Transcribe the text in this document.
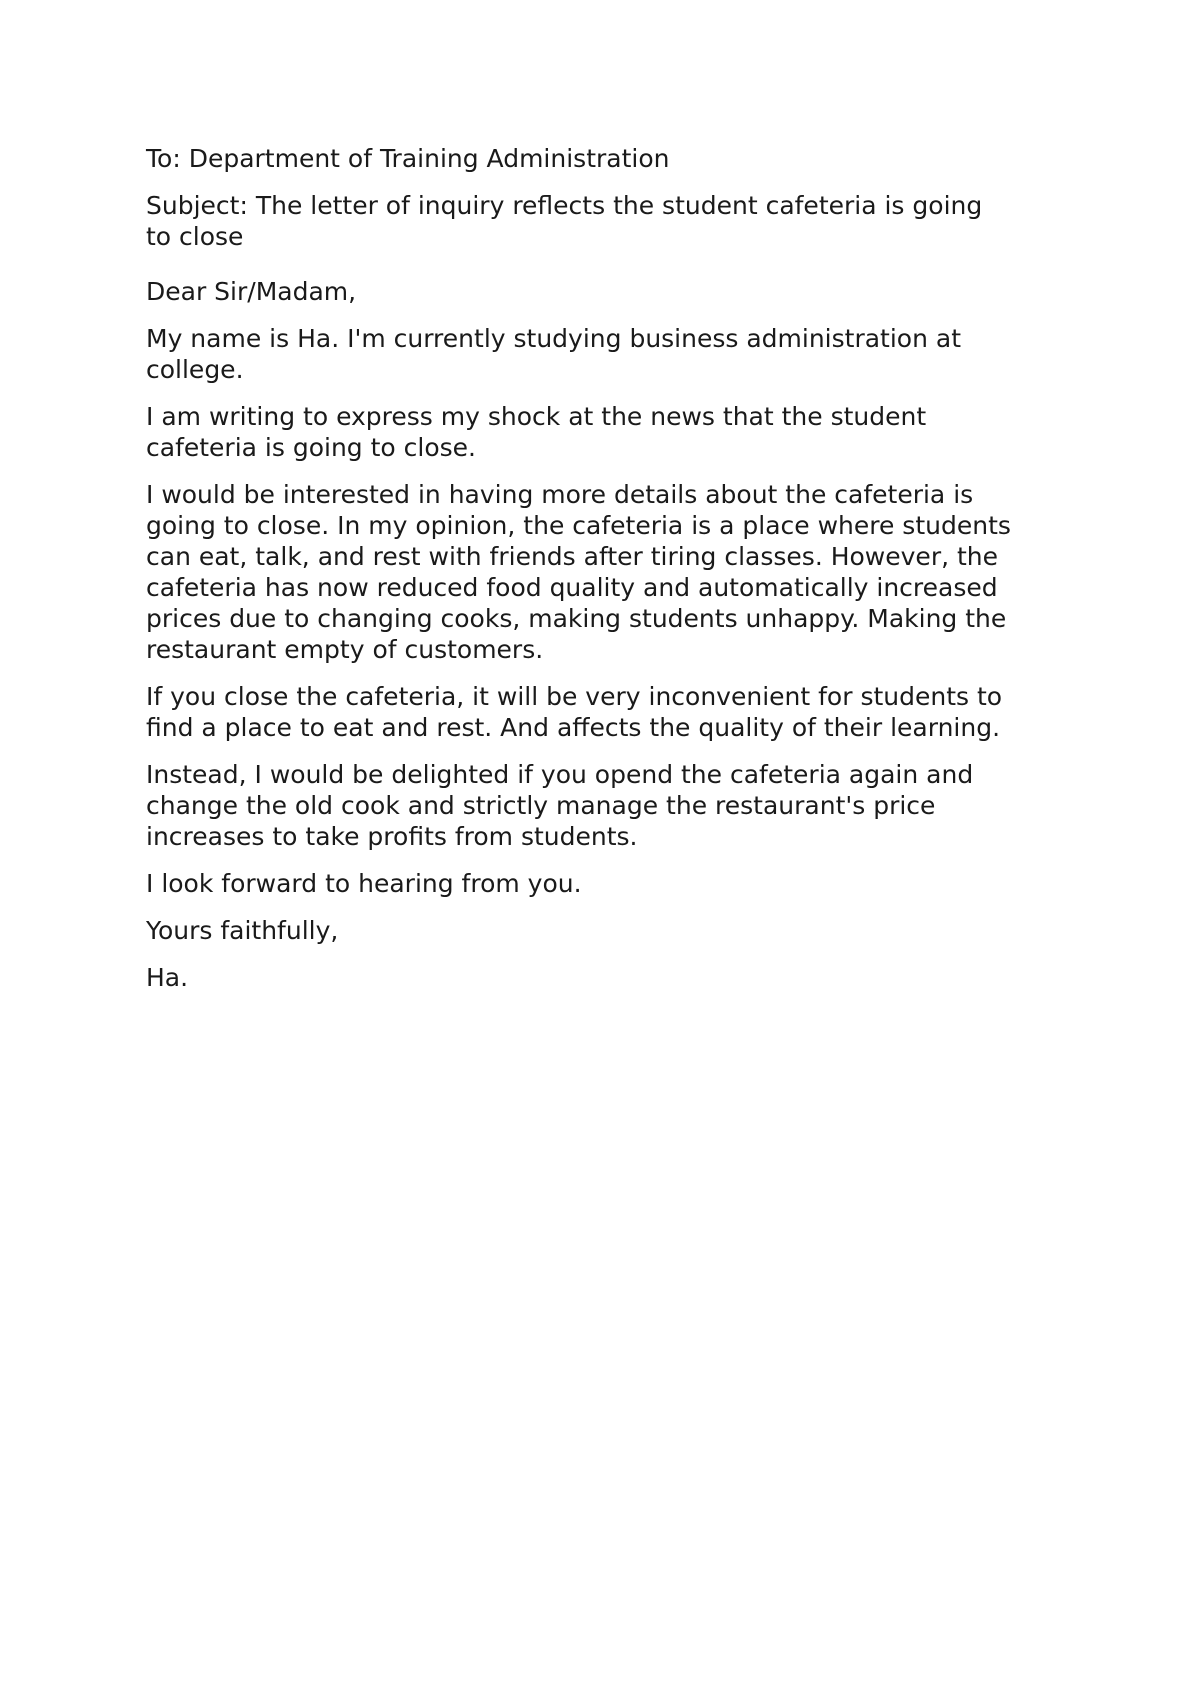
To: Department of Training Administration

Subject: The letter of inquiry reflects the student cafeteria is going
to close

Dear Sir/Madam,

My name is Ha. I'm currently studying business administration at
college.

I am writing to express my shock at the news that the student
cafeteria is going to close.

I would be interested in having more details about the cafeteria is
going to close. In my opinion, the cafeteria is a place where students
can eat, talk, and rest with friends after tiring classes. However, the
cafeteria has now reduced food quality and automatically increased
prices due to changing cooks, making students unhappy. Making the
restaurant empty of customers.

If you close the cafeteria, it will be very inconvenient for students to
find a place to eat and rest. And affects the quality of their learning.

Instead, I would be delighted if you opend the cafeteria again and
change the old cook and strictly manage the restaurant's price
increases to take profits from students.

I look forward to hearing from you.

Yours faithfully,

Ha.
